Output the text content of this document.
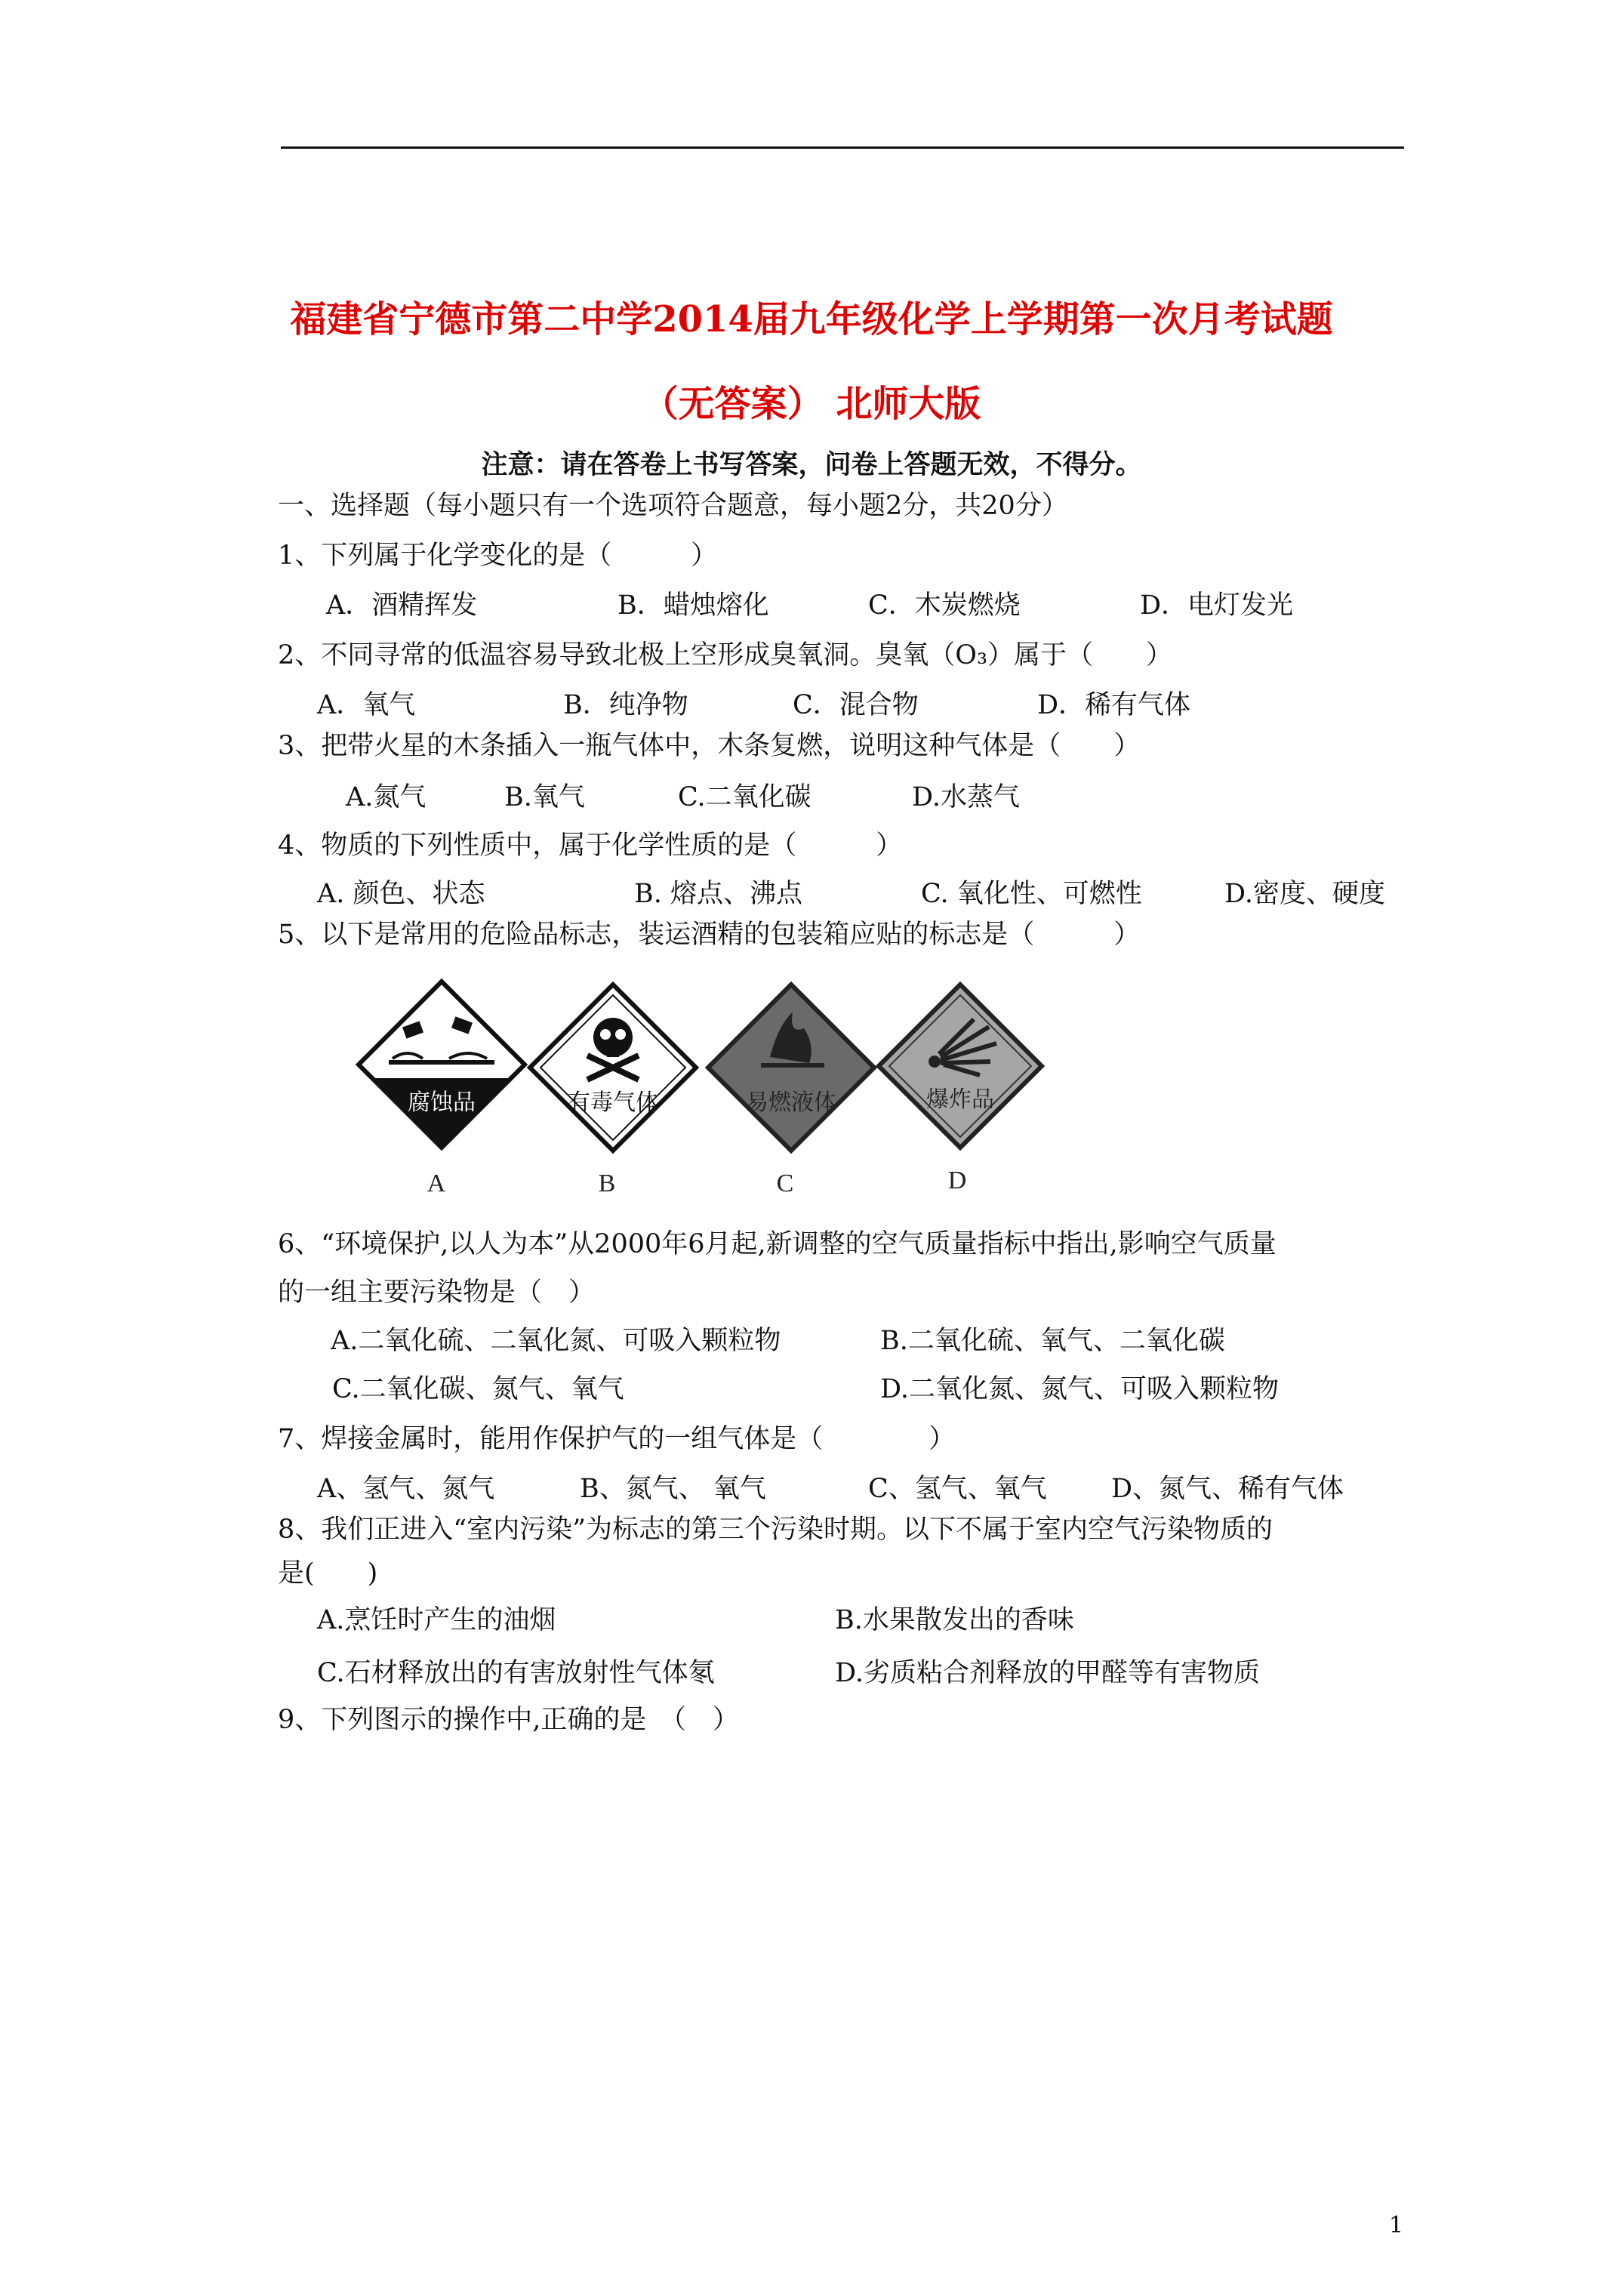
福建省宁德市第二中学2014届九年级化学上学期第一次月考试题
（无答案） 北师大版
注意：请在答卷上书写答案，问卷上答题无效，不得分。
一、选择题（每小题只有一个选项符合题意，每小题2分，共20分）
1、下列属于化学变化的是（　　　）
A．酒精挥发	B．蜡烛熔化	C．木炭燃烧	D．电灯发光
2、不同寻常的低温容易导致北极上空形成臭氧洞。臭氧（O₃）属于（　　）
A．氧气	B．纯净物	C．混合物	D．稀有气体
3、把带火星的木条插入一瓶气体中，木条复燃，说明这种气体是（　　）
A.氮气	B.氧气	C.二氧化碳	D.水蒸气
4、物质的下列性质中，属于化学性质的是（　　　）
A. 颜色、状态	B. 熔点、沸点	C. 氧化性、可燃性	D.密度、硬度
5、以下是常用的危险品标志，装运酒精的包装箱应贴的标志是（　　　）
腐蚀品
A
有毒气体
B
易燃液体
C
爆炸品
D
6、“环境保护,以人为本”从2000年6月起,新调整的空气质量指标中指出,影响空气质量
的一组主要污染物是（　）
A.二氧化硫、二氧化氮、可吸入颗粒物	B.二氧化硫、氧气、二氧化碳
C.二氧化碳、氮气、氧气	D.二氧化氮、氮气、可吸入颗粒物
7、焊接金属时，能用作保护气的一组气体是（　　　　）
A、氢气、氮气	B、氮气、 氧气	C、氢气、氧气 D、氮气、稀有气体
8、我们正进入“室内污染”为标志的第三个污染时期。以下不属于室内空气污染物质的
是(　　)
A.烹饪时产生的油烟	B.水果散发出的香味
C.石材释放出的有害放射性气体氡	D.劣质粘合剂释放的甲醛等有害物质
9、下列图示的操作中,正确的是　（　）
1
